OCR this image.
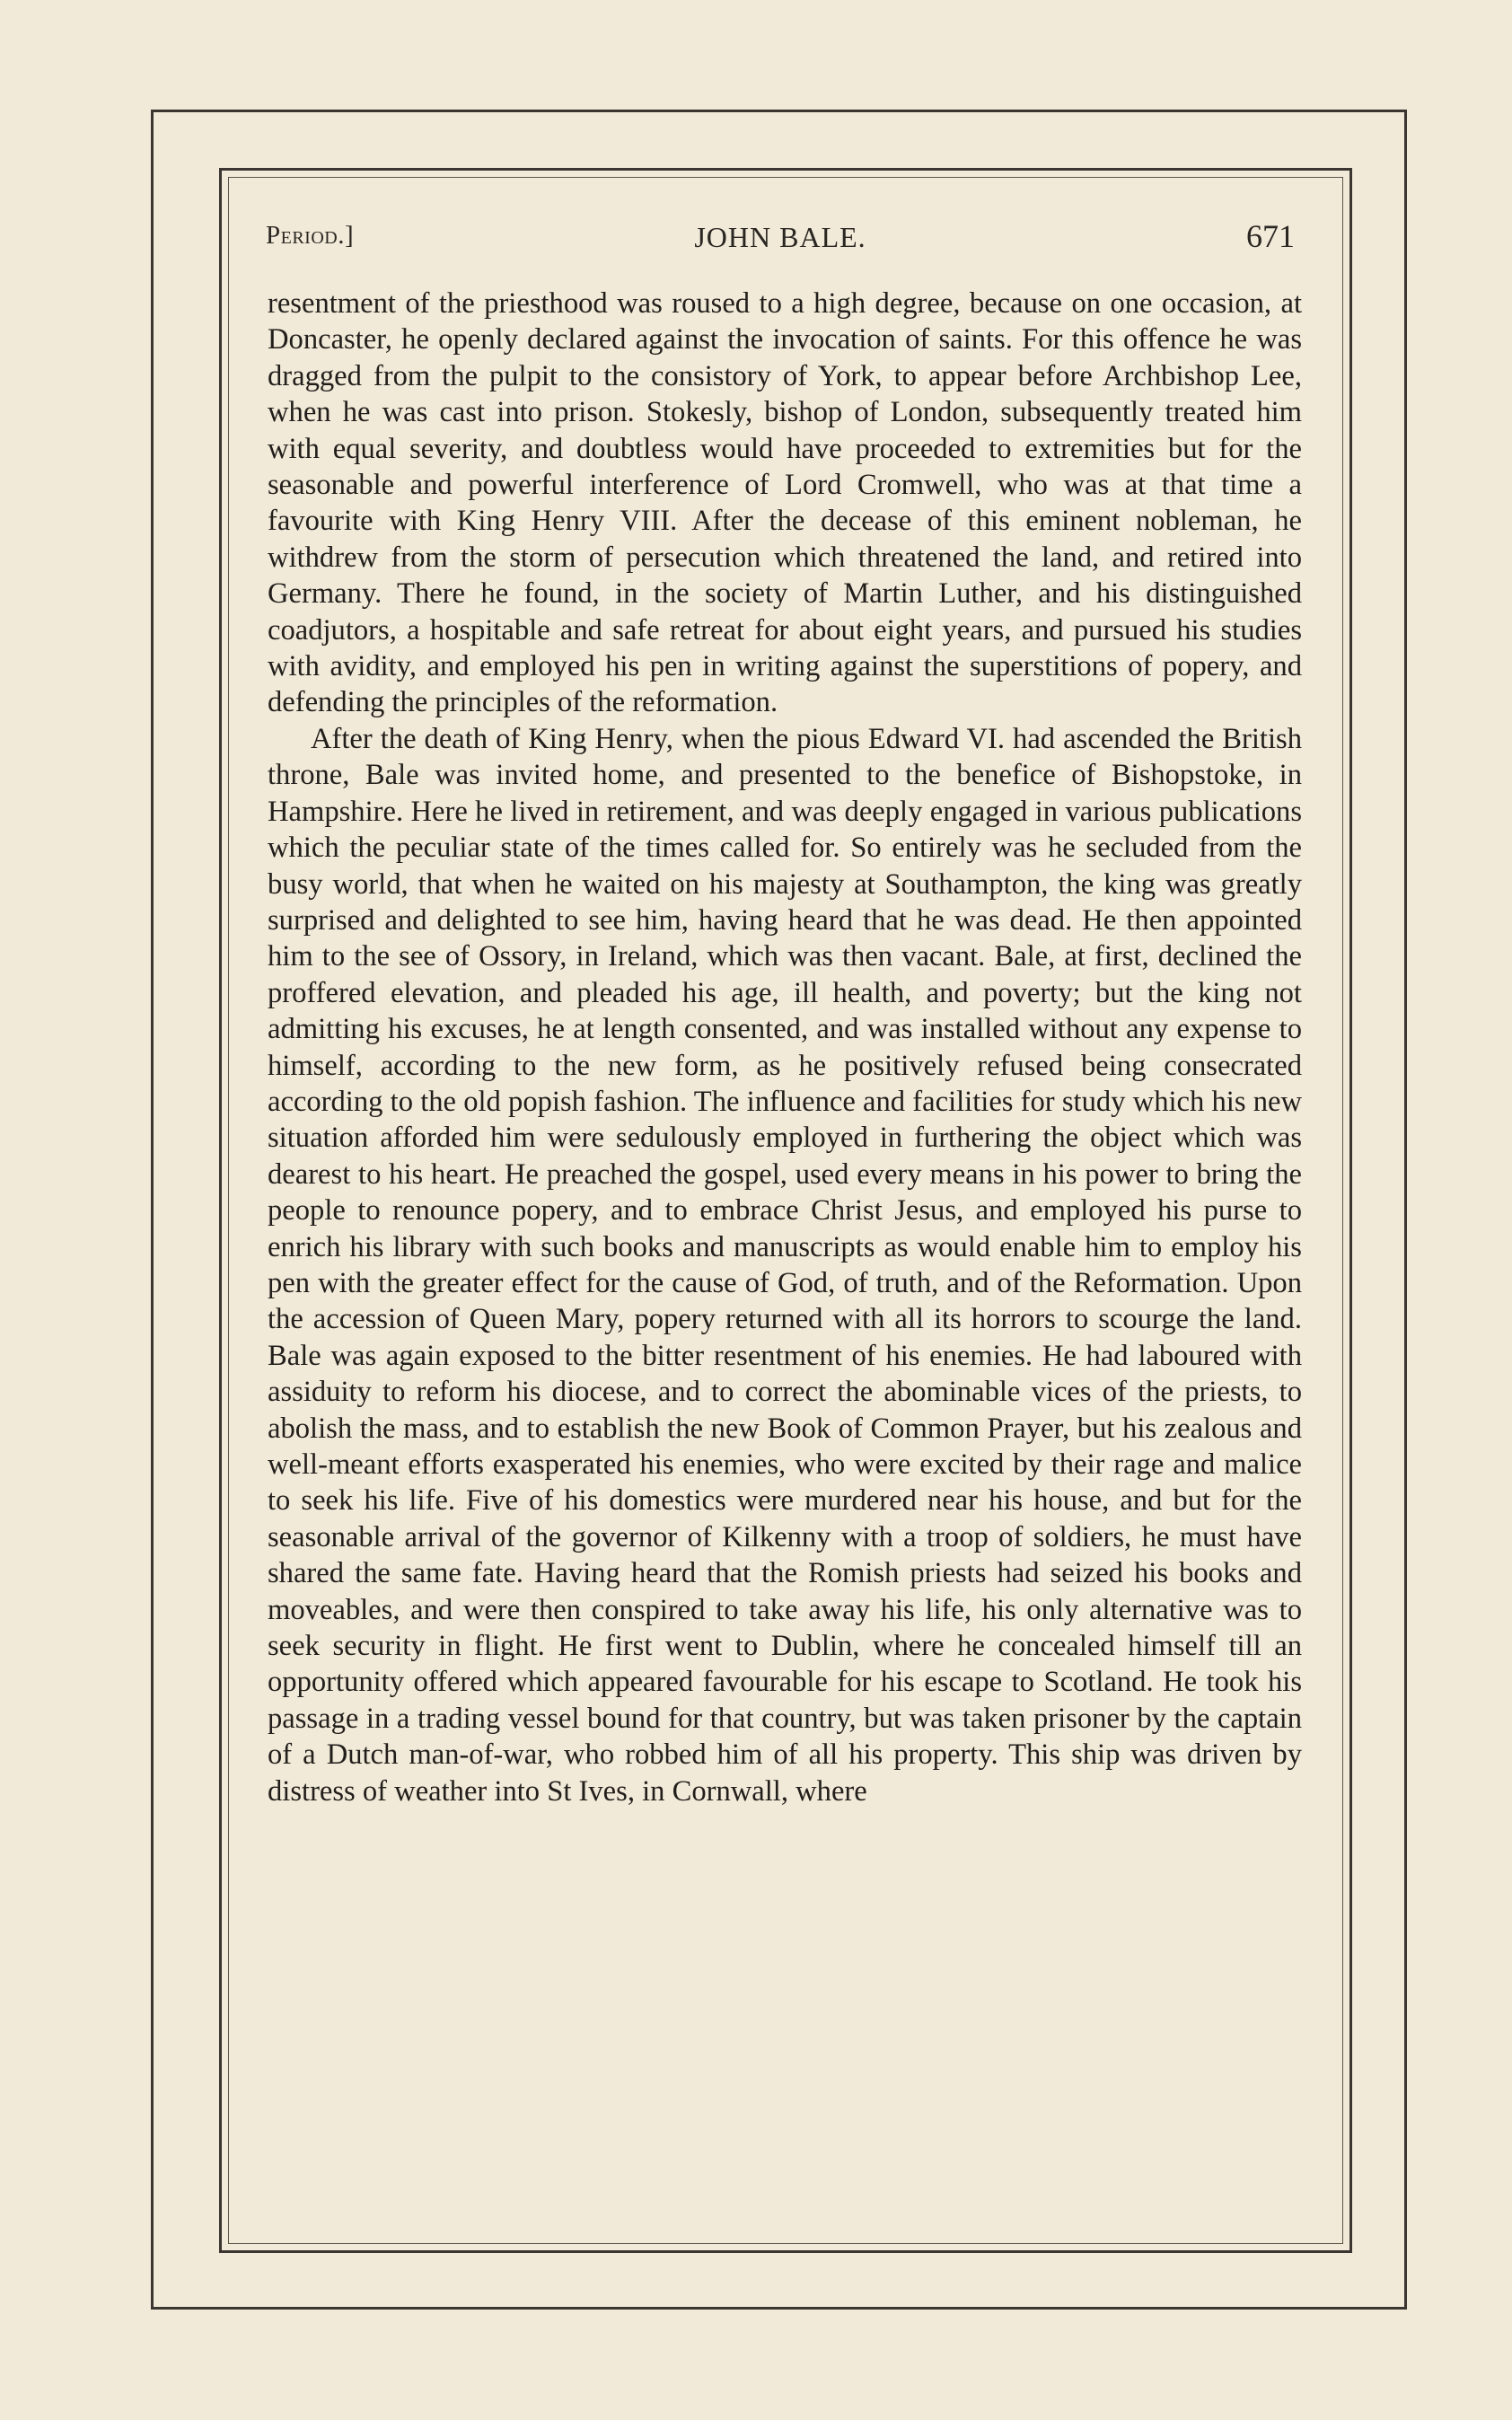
Period.]	JOHN BALE.	671

resentment of the priesthood was roused to a high degree, because on one occasion, at Doncaster, he openly declared against the invocation of saints. For this offence he was dragged from the pulpit to the consistory of York, to appear before Archbishop Lee, when he was cast into prison. Stokesly, bishop of London, subsequently treated him with equal severity, and doubtless would have proceeded to extremities but for the seasonable and powerful interference of Lord Cromwell, who was at that time a favourite with King Henry VIII. After the decease of this eminent nobleman, he withdrew from the storm of persecution which threatened the land, and retired into Germany. There he found, in the society of Martin Luther, and his distinguished coadjutors, a hospitable and safe retreat for about eight years, and pursued his studies with avidity, and employed his pen in writing against the superstitions of popery, and defending the principles of the reformation.

After the death of King Henry, when the pious Edward VI. had ascended the British throne, Bale was invited home, and presented to the benefice of Bishopstoke, in Hampshire. Here he lived in retirement, and was deeply engaged in various publications which the peculiar state of the times called for. So entirely was he secluded from the busy world, that when he waited on his majesty at Southampton, the king was greatly surprised and delighted to see him, having heard that he was dead. He then appointed him to the see of Ossory, in Ireland, which was then vacant. Bale, at first, declined the proffered elevation, and pleaded his age, ill health, and poverty; but the king not admitting his excuses, he at length consented, and was installed without any expense to himself, according to the new form, as he positively refused being consecrated according to the old popish fashion. The influence and facilities for study which his new situation afforded him were sedulously employed in furthering the object which was dearest to his heart. He preached the gospel, used every means in his power to bring the people to renounce popery, and to embrace Christ Jesus, and employed his purse to enrich his library with such books and manuscripts as would enable him to employ his pen with the greater effect for the cause of God, of truth, and of the Reformation. Upon the accession of Queen Mary, popery returned with all its horrors to scourge the land. Bale was again exposed to the bitter resentment of his enemies. He had laboured with assiduity to reform his diocese, and to correct the abominable vices of the priests, to abolish the mass, and to establish the new Book of Common Prayer, but his zealous and well-meant efforts exasperated his enemies, who were excited by their rage and malice to seek his life. Five of his domestics were murdered near his house, and but for the seasonable arrival of the governor of Kilkenny with a troop of soldiers, he must have shared the same fate. Having heard that the Romish priests had seized his books and moveables, and were then conspired to take away his life, his only alternative was to seek security in flight. He first went to Dublin, where he concealed himself till an opportunity offered which appeared favourable for his escape to Scotland. He took his passage in a trading vessel bound for that country, but was taken prisoner by the captain of a Dutch man-of-war, who robbed him of all his property. This ship was driven by distress of weather into St Ives, in Cornwall, where
